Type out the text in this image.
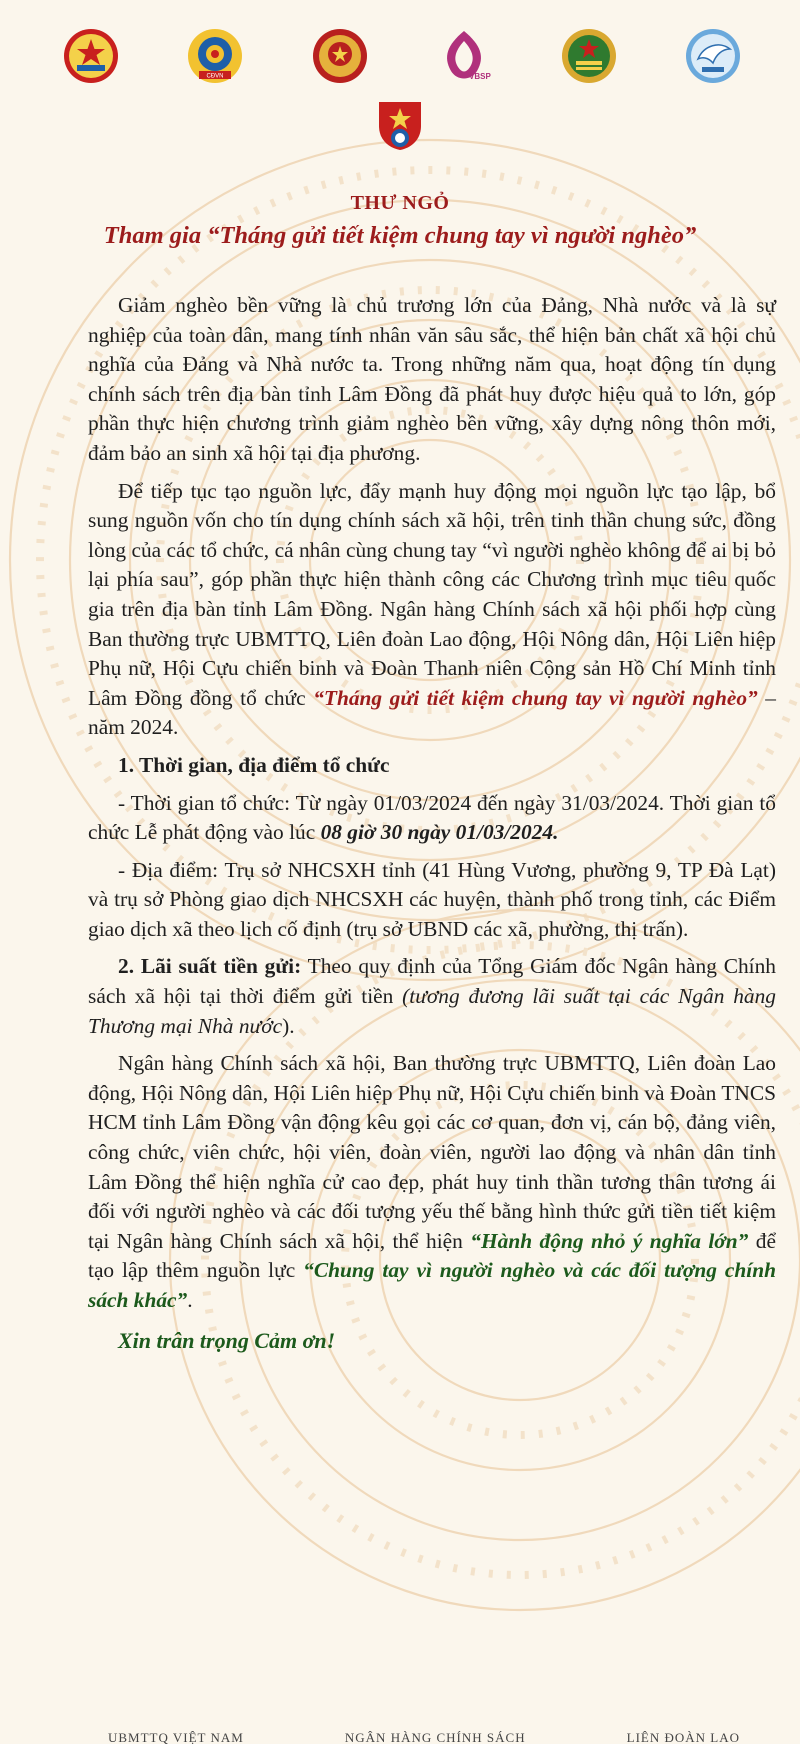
CĐVN	VBSP
THƯ NGỎ
Tham gia “Tháng gửi tiết kiệm chung tay vì người nghèo”

Giảm nghèo bền vững là chủ trương lớn của Đảng, Nhà nước và là sự nghiệp của toàn dân, mang tính nhân văn sâu sắc, thể hiện bản chất xã hội chủ nghĩa của Đảng và Nhà nước ta. Trong những năm qua, hoạt động tín dụng chính sách trên địa bàn tỉnh Lâm Đồng đã phát huy được hiệu quả to lớn, góp phần thực hiện chương trình giảm nghèo bền vững, xây dựng nông thôn mới, đảm bảo an sinh xã hội tại địa phương.

Để tiếp tục tạo nguồn lực, đẩy mạnh huy động mọi nguồn lực tạo lập, bổ sung nguồn vốn cho tín dụng chính sách xã hội, trên tinh thần chung sức, đồng lòng của các tổ chức, cá nhân cùng chung tay “vì người nghèo không để ai bị bỏ lại phía sau”, góp phần thực hiện thành công các Chương trình mục tiêu quốc gia trên địa bàn tỉnh Lâm Đồng. Ngân hàng Chính sách xã hội phối hợp cùng Ban thường trực UBMTTQ, Liên đoàn Lao động, Hội Nông dân, Hội Liên hiệp Phụ nữ, Hội Cựu chiến binh và Đoàn Thanh niên Cộng sản Hồ Chí Minh tỉnh Lâm Đồng đồng tổ chức “Tháng gửi tiết kiệm chung tay vì người nghèo” – năm 2024.

1. Thời gian, địa điểm tổ chức

- Thời gian tổ chức: Từ ngày 01/03/2024 đến ngày 31/03/2024. Thời gian tổ chức Lễ phát động vào lúc 08 giờ 30 ngày 01/03/2024.

- Địa điểm: Trụ sở NHCSXH tỉnh (41 Hùng Vương, phường 9, TP Đà Lạt) và trụ sở Phòng giao dịch NHCSXH các huyện, thành phố trong tỉnh, các Điểm giao dịch xã theo lịch cố định (trụ sở UBND các xã, phường, thị trấn).

2. Lãi suất tiền gửi: Theo quy định của Tổng Giám đốc Ngân hàng Chính sách xã hội tại thời điểm gửi tiền (tương đương lãi suất tại các Ngân hàng Thương mại Nhà nước).

Ngân hàng Chính sách xã hội, Ban thường trực UBMTTQ, Liên đoàn Lao động, Hội Nông dân, Hội Liên hiệp Phụ nữ, Hội Cựu chiến binh và Đoàn TNCS HCM tỉnh Lâm Đồng vận động kêu gọi các cơ quan, đơn vị, cán bộ, đảng viên, công chức, viên chức, hội viên, đoàn viên, người lao động và nhân dân tỉnh Lâm Đồng thể hiện nghĩa cử cao đẹp, phát huy tinh thần tương thân tương ái đối với người nghèo và các đối tượng yếu thế bằng hình thức gửi tiền tiết kiệm tại Ngân hàng Chính sách xã hội, thể hiện “Hành động nhỏ ý nghĩa lớn” để tạo lập thêm nguồn lực “Chung tay vì người nghèo và các đối tượng chính sách khác”.

Xin trân trọng Cảm ơn!
UBMTTQ VIỆT NAM	NGÂN HÀNG CHÍNH SÁCH	LIÊN ĐOÀN LAO
